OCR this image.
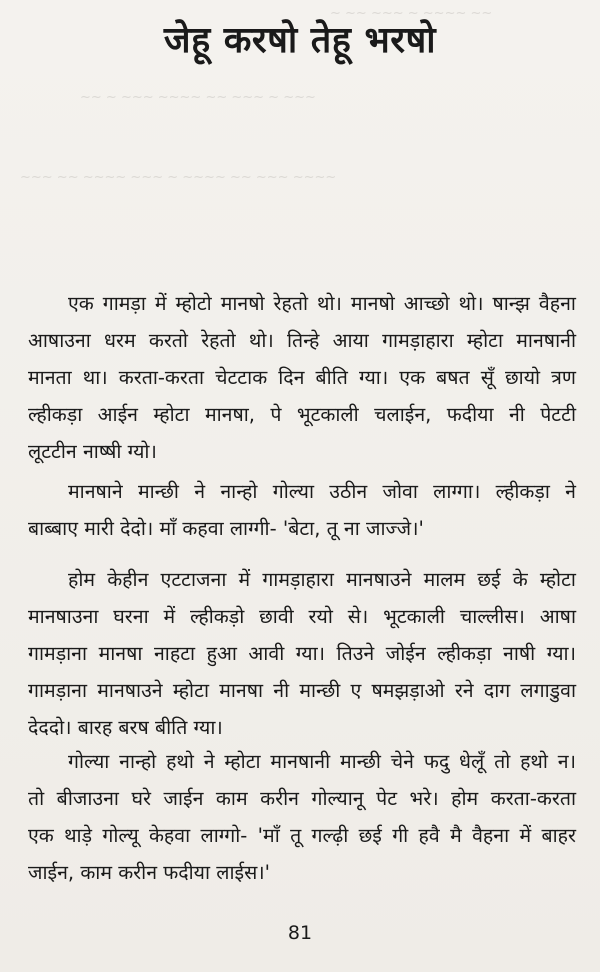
~ ~~ ~~~ ~ ~~~~ ~~
~~ ~ ~~~ ~~~~ ~~ ~~~ ~ ~~~
~~~ ~~ ~~~~ ~~~ ~ ~~~~ ~~ ~~~ ~~~~
जेहू करषो तेहू भरषो
एक गामड़ा में म्होटो मानषो रेहतो थो। मानषो आच्छो थो। षान्झ वैहना
आषाउना धरम करतो रेहतो थो। तिन्हे आया गामड़ाहारा म्होटा मानषानी
मानता था। करता-करता चेटटाक दिन बीति ग्या। एक बषत सूँ छायो त्रण
ल्हीकड़ा आईन म्होटा मानषा, पे भूटकाली चलाईन, फदीया नी पेटटी
लूटटीन नाष्षी ग्यो।
मानषाने मान्छी ने नान्हो गोल्या उठीन जोवा लाग्गा। ल्हीकड़ा ने
बाब्बाए मारी देदो। माँ कहवा लाग्गी- 'बेटा, तू ना जाज्जे।'
होम केहीन एटटाजना में गामड़ाहारा मानषाउने मालम छई के म्होटा
मानषाउना घरना में ल्हीकड़ो छावी रयो से। भूटकाली चाल्लीस। आषा
गामड़ाना मानषा नाहटा हुआ आवी ग्या। तिउने जोईन ल्हीकड़ा नाषी ग्या।
गामड़ाना मानषाउने म्होटा मानषा नी मान्छी ए षमझड़ाओ रने दाग लगाडुवा
देददो। बारह बरष बीति ग्या।
गोल्या नान्हो हथो ने म्होटा मानषानी मान्छी चेने फदु धेलूँ तो हथो न।
तो बीजाउना घरे जाईन काम करीन गोल्यानू पेट भरे। होम करता-करता
एक थाड़े गोल्यू केहवा लाग्गो- 'माँ तू गल्ढ़ी छई गी हवै मै वैहना में बाहर
जाईन, काम करीन फदीया लाईस।'

81
